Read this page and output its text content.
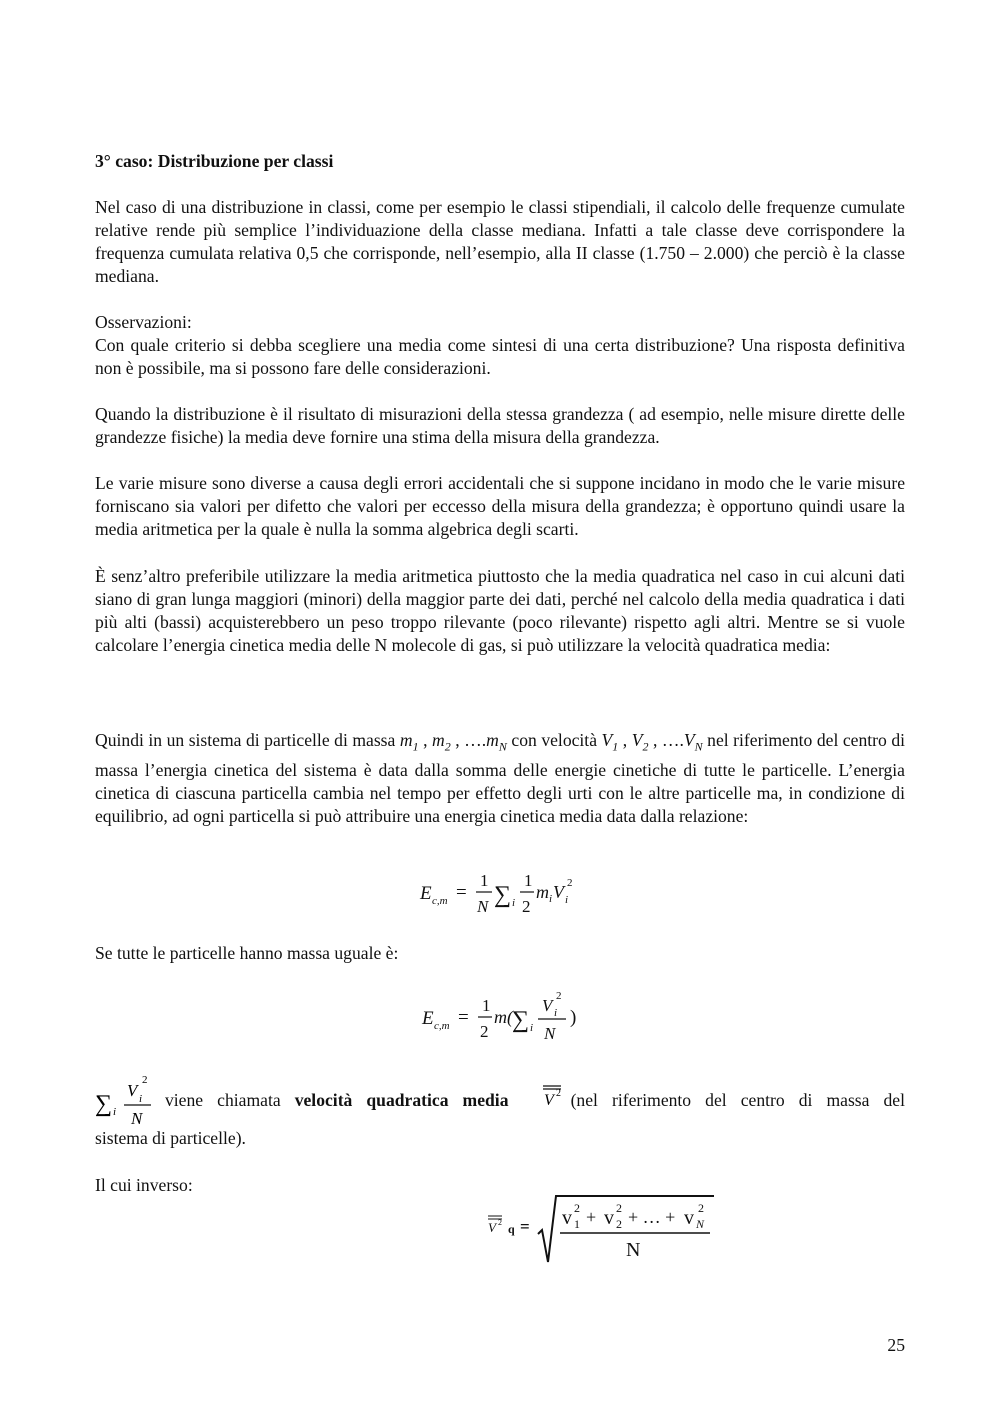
3° caso: Distribuzione per classi

Nel caso di una distribuzione in classi, come per esempio le classi stipendiali, il calcolo delle frequenze cumulate relative rende più semplice l’individuazione della classe mediana. Infatti a tale classe deve corrispondere la frequenza cumulata relativa 0,5 che corrisponde, nell’esempio, alla II classe (1.750 – 2.000) che perciò è la classe mediana.

Osservazioni:
Con quale criterio si debba scegliere una media come sintesi di una certa distribuzione? Una risposta definitiva non è possibile, ma si possono fare delle considerazioni.

Quando la distribuzione è il risultato di misurazioni della stessa grandezza ( ad esempio, nelle misure dirette delle grandezze fisiche) la media deve fornire una stima della misura della grandezza.

Le varie misure sono diverse a causa degli errori accidentali che si suppone incidano in modo che le varie misure forniscano sia valori per difetto che valori per eccesso della misura della grandezza; è opportuno quindi usare la media aritmetica per la quale è nulla la somma algebrica degli scarti.

È senz’altro preferibile utilizzare la media aritmetica piuttosto che la media quadratica nel caso in cui alcuni dati siano di gran lunga maggiori (minori) della maggior parte dei dati, perché nel calcolo della media quadratica i dati più alti (bassi) acquisterebbero un peso troppo rilevante (poco rilevante) rispetto agli altri. Mentre se si vuole calcolare l’energia cinetica media delle N molecole di gas, si può utilizzare la velocità quadratica media:

Quindi in un sistema di particelle di massa $m_1$ , $m_2$ , $\dots.m_N$ con velocità $V_1$ , $V_2$ , $\dots.V_N$ nel riferimento del centro di massa l’energia cinetica del sistema è data dalla somma delle energie cinetiche di tutte le particelle. L’energia cinetica di ciascuna particella cambia nel tempo per effetto degli urti con le altre particelle ma, in condizione di equilibrio, ad ogni particella si può attribuire una energia cinetica media data dalla relazione:

E c,m =
1
N ∑ i
1
2
m i V i
2

Se tutte le particelle hanno massa uguale è:

E c,m =
1
2
m( ∑ i
V i
2
N
)
∑ i
V i
2
N
viene chiamata velocità quadratica media V 2 (nel riferimento del centro di massa del
sistema di particelle).

Il cui inverso:

V 2 q = v 1
2 + v 2
2 + … + v N
2
N
25
